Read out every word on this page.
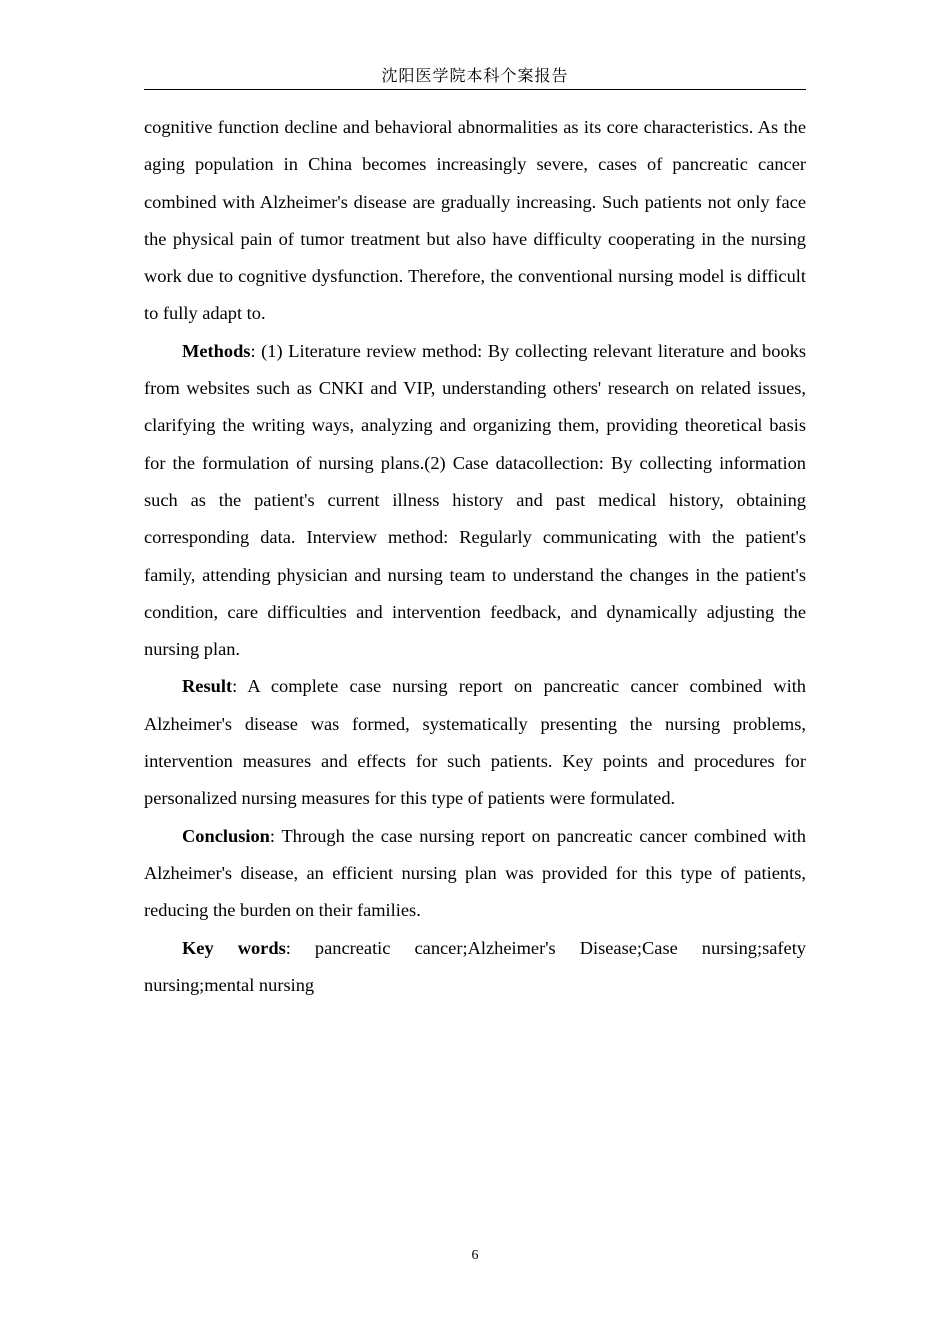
沈阳医学院本科个案报告

cognitive function decline and behavioral abnormalities as its core characteristics. As the aging population in China becomes increasingly severe, cases of pancreatic cancer combined with Alzheimer's disease are gradually increasing. Such patients not only face the physical pain of tumor treatment but also have difficulty cooperating in the nursing work due to cognitive dysfunction. Therefore, the conventional nursing model is difficult to fully adapt to.

Methods: (1) Literature review method: By collecting relevant literature and books from websites such as CNKI and VIP, understanding others' research on related issues, clarifying the writing ways, analyzing and organizing them, providing theoretical basis for the formulation of nursing plans.(2) Case datacollection: By collecting information such as the patient's current illness history and past medical history, obtaining corresponding data. Interview method: Regularly communicating with the patient's family, attending physician and nursing team to understand the changes in the patient's condition, care difficulties and intervention feedback, and dynamically adjusting the nursing plan.

Result: A complete case nursing report on pancreatic cancer combined with Alzheimer's disease was formed, systematically presenting the nursing problems, intervention measures and effects for such patients. Key points and procedures for personalized nursing measures for this type of patients were formulated.

Conclusion: Through the case nursing report on pancreatic cancer combined with Alzheimer's disease, an efficient nursing plan was provided for this type of patients, reducing the burden on their families.

Key words: pancreatic cancer;Alzheimer's Disease;Case nursing;safety nursing;mental nursing

6
